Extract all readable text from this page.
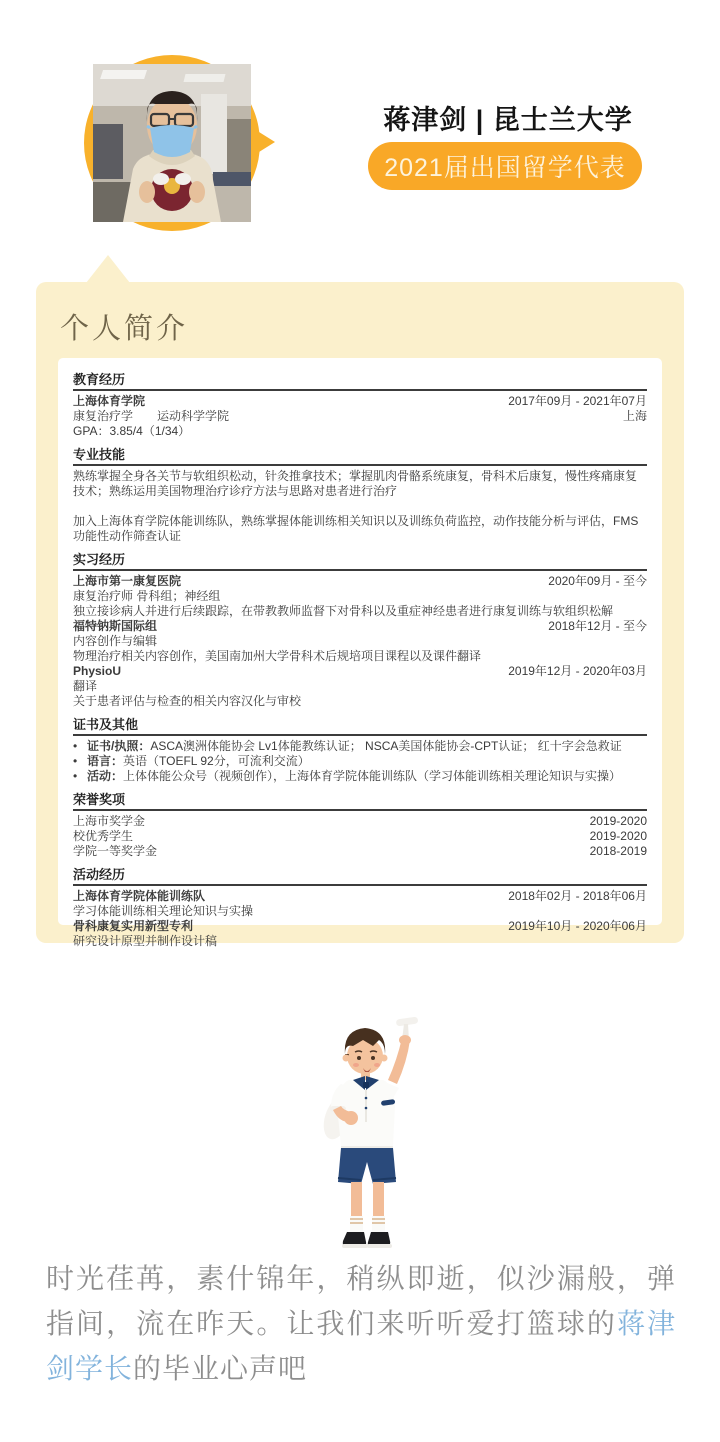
蒋津剑 | 昆士兰大学
2021届出国留学代表
个人简介
教育经历
上海体育学院	2017年09月 - 2021年07月
康复治疗学　　运动科学学院	上海
GPA：3.85/4（1/34）
专业技能
熟练掌握全身各关节与软组织松动，针灸推拿技术；掌握肌肉骨骼系统康复，骨科术后康复，慢性疼痛康复技术；熟练运用美国物理治疗诊疗方法与思路对患者进行治疗
加入上海体育学院体能训练队，熟练掌握体能训练相关知识以及训练负荷监控，动作技能分析与评估，FMS功能性动作筛查认证
实习经历
上海市第一康复医院	2020年09月 - 至今
康复治疗师 骨科组；神经组
独立接诊病人并进行后续跟踪，在带教教师监督下对骨科以及重症神经患者进行康复训练与软组织松解
福特钠斯国际组	2018年12月 - 至今
内容创作与编辑
物理治疗相关内容创作，美国南加州大学骨科术后规培项目课程以及课件翻译
PhysioU	2019年12月 - 2020年03月
翻译
关于患者评估与检查的相关内容汉化与审校
证书及其他
• 证书/执照：ASCA澳洲体能协会 Lv1体能教练认证； NSCA美国体能协会-CPT认证； 红十字会急救证
• 语言：英语（TOEFL 92分，可流利交流）
• 活动：上体体能公众号（视频创作），上海体育学院体能训练队（学习体能训练相关理论知识与实操）
荣誉奖项
上海市奖学金	2019-2020
校优秀学生	2019-2020
学院一等奖学金	2018-2019
活动经历
上海体育学院体能训练队	2018年02月 - 2018年06月
学习体能训练相关理论知识与实操
骨科康复实用新型专利	2019年10月 - 2020年06月
研究设计原型并制作设计稿
时光荏苒，素什锦年，稍纵即逝，似沙漏般，弹指间，流在昨天。让我们来听听爱打篮球的蒋津剑学长的毕业心声吧
